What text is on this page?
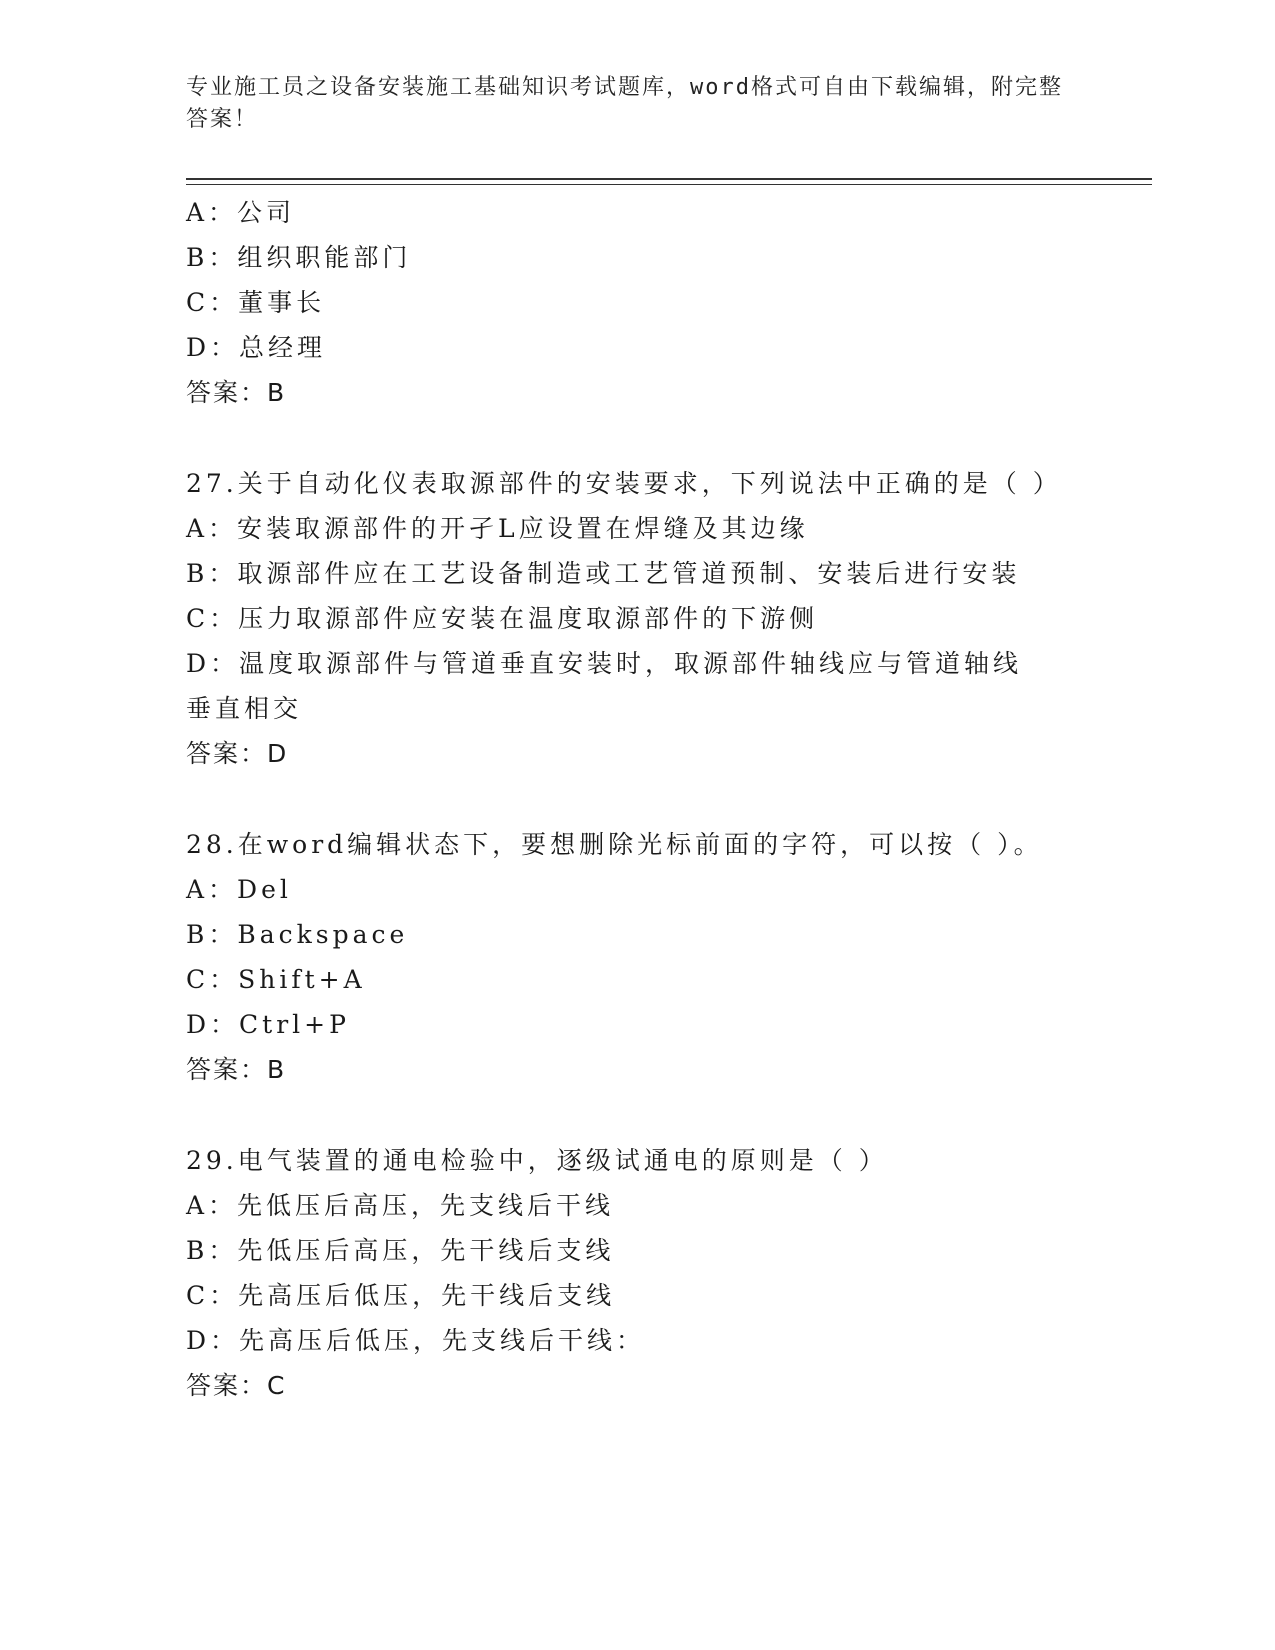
专业施工员之设备安装施工基础知识考试题库，word格式可自由下载编辑，附完整答案！
A：公司
B：组织职能部门
C：董事长
D：总经理
答案：B
27.关于自动化仪表取源部件的安装要求，下列说法中正确的是（ ）
A：安装取源部件的开孑L应设置在焊缝及其边缘
B：取源部件应在工艺设备制造或工艺管道预制、安装后进行安装
C：压力取源部件应安装在温度取源部件的下游侧
D：温度取源部件与管道垂直安装时，取源部件轴线应与管道轴线垂直相交
答案：D
28.在word编辑状态下，要想删除光标前面的字符，可以按（ ）。
A：Del
B：Backspace
C：Shift+A
D：Ctrl+P
答案：B
29.电气装置的通电检验中，逐级试通电的原则是（ ）
A：先低压后高压，先支线后干线
B：先低压后高压，先干线后支线
C：先高压后低压，先干线后支线
D：先高压后低压，先支线后干线：
答案：C
